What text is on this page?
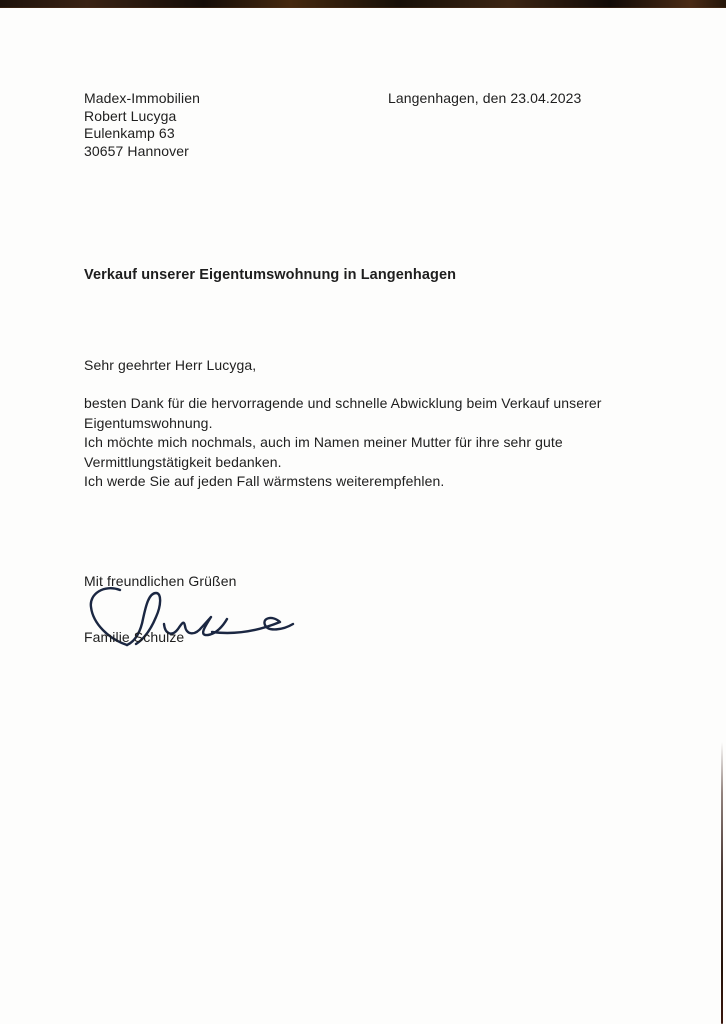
Madex-Immobilien
Robert Lucyga
Eulenkamp 63
30657 Hannover
Langenhagen, den 23.04.2023
Verkauf unserer Eigentumswohnung in Langenhagen
Sehr geehrter Herr Lucyga,
besten Dank für die hervorragende und schnelle Abwicklung beim Verkauf unserer
Eigentumswohnung.
Ich möchte mich nochmals, auch im Namen meiner Mutter für ihre sehr gute
Vermittlungstätigkeit bedanken.
Ich werde Sie auf jeden Fall wärmstens weiterempfehlen.
Mit freundlichen Grüßen
Familie Schulze
